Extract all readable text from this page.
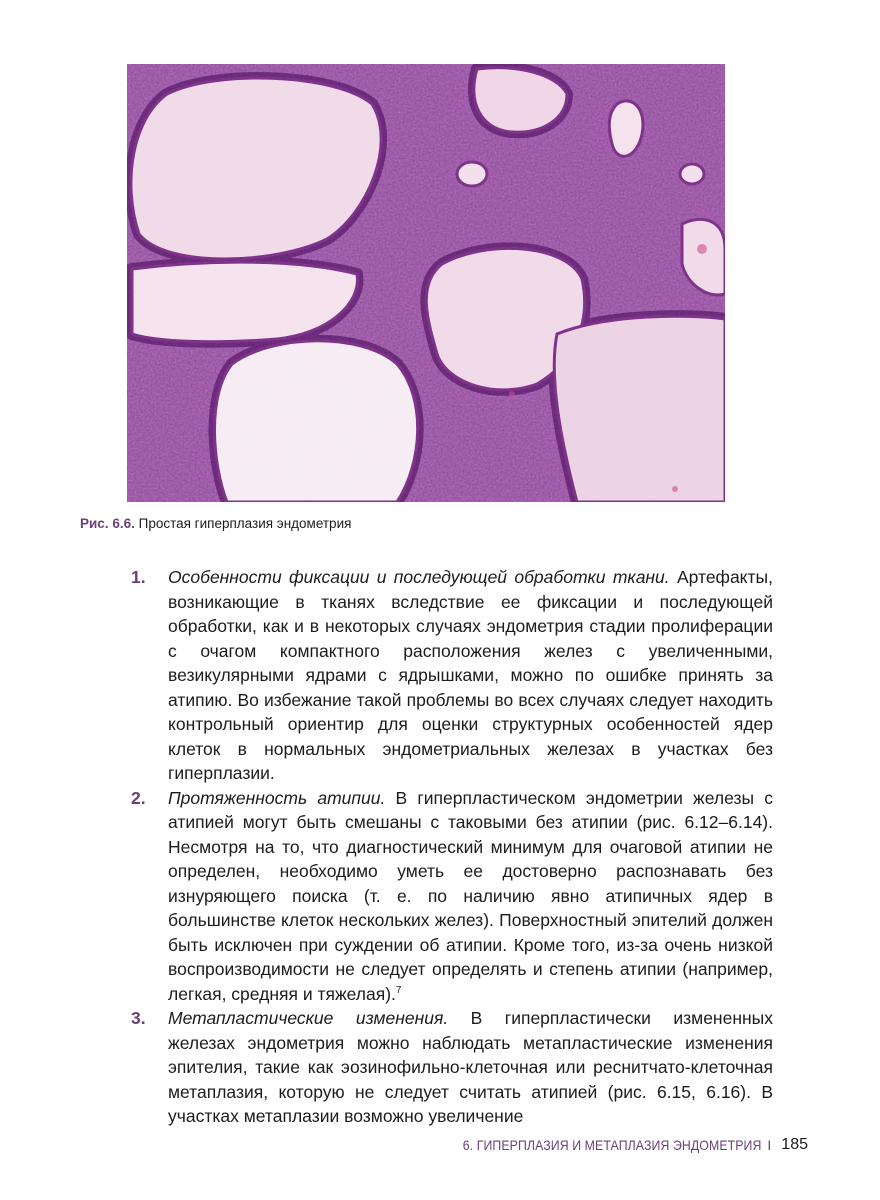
Рис. 6.6. Простая гиперплазия эндометрия
1.	Особенности фиксации и последующей обработки ткани. Артефакты, возникающие в тканях вследствие ее фиксации и последующей обработки, как и в некоторых случаях эндометрия стадии пролиферации с очагом компактного расположения желез с увеличенными, везикулярными ядрами с ядрышками, можно по ошибке принять за атипию. Во избежание такой проблемы во всех случаях следует находить контрольный ориентир для оценки структурных особенностей ядер клеток в нормальных эндометриальных железах в участках без гиперплазии.
2.	Протяженность атипии. В гиперпластическом эндометрии железы с атипией могут быть смешаны с таковыми без атипии (рис. 6.12–6.14). Несмотря на то, что диагностический минимум для очаговой атипии не определен, необходимо уметь ее достоверно распознавать без изнуряющего поиска (т. е. по наличию явно атипичных ядер в большинстве клеток нескольких желез). Поверхностный эпителий должен быть исключен при суждении об атипии. Кроме того, из-за очень низкой воспроизводимости не следует определять и степень атипии (например, легкая, средняя и тяжелая).$^7$
3.	Метапластические изменения. В гиперпластически измененных железах эндометрия можно наблюдать метапластические изменения эпителия, такие как эозинофильно-клеточная или реснитчато-клеточная метаплазия, которую не следует считать атипией (рис. 6.15, 6.16). В участках метаплазии возможно увеличение
6. ГИПЕРПЛАЗИЯ И МЕТАПЛАЗИЯ ЭНДОМЕТРИЯ I 185
